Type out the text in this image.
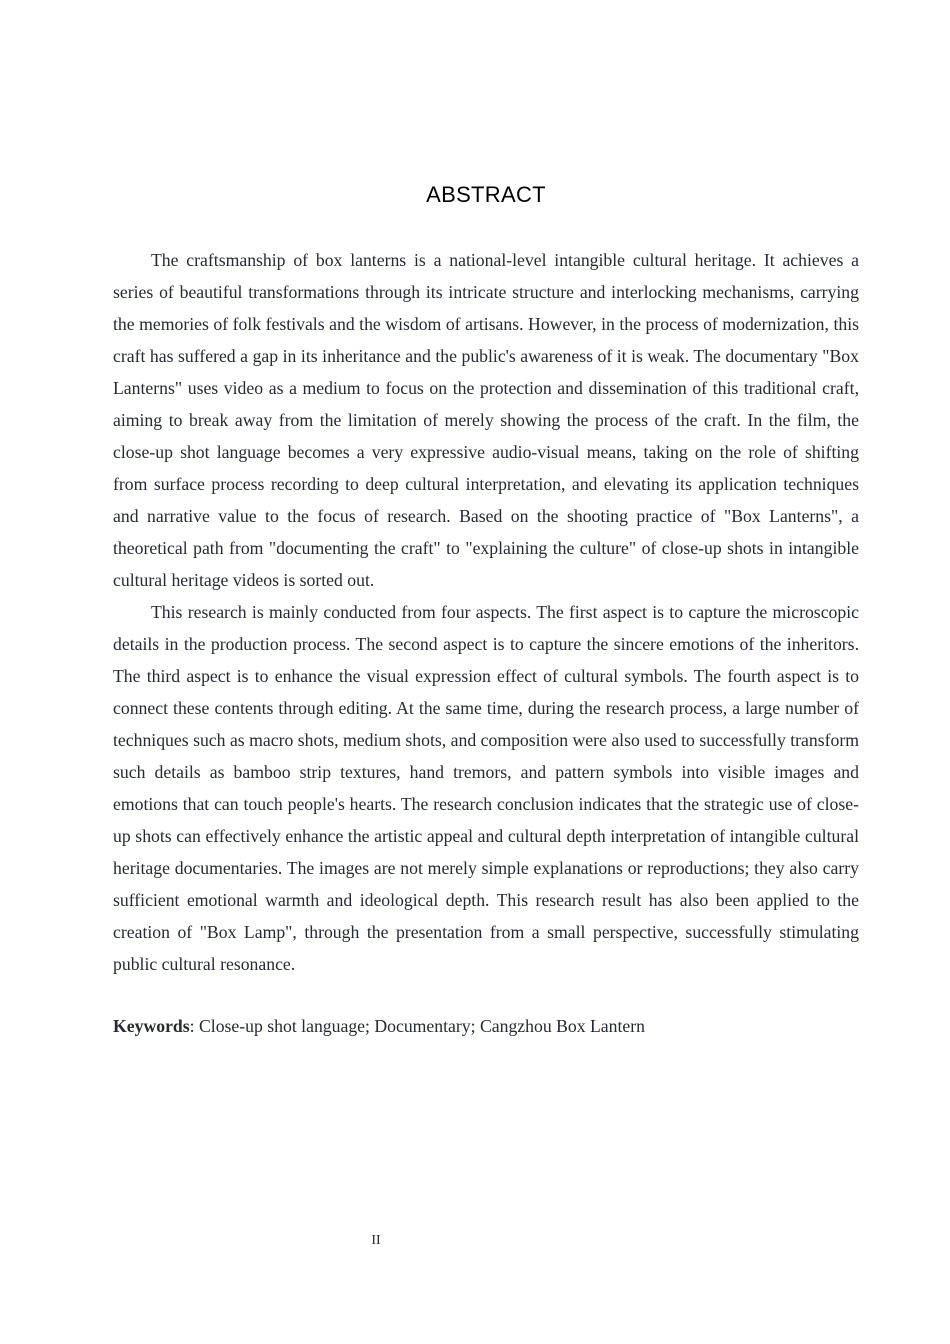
ABSTRACT

The craftsmanship of box lanterns is a national-level intangible cultural heritage. It achieves a series of beautiful transformations through its intricate structure and interlocking mechanisms, carrying the memories of folk festivals and the wisdom of artisans. However, in the process of modernization, this craft has suffered a gap in its inheritance and the public's awareness of it is weak. The documentary "Box Lanterns" uses video as a medium to focus on the protection and dissemination of this traditional craft, aiming to break away from the limitation of merely showing the process of the craft. In the film, the close-up shot language becomes a very expressive audio-visual means, taking on the role of shifting from surface process recording to deep cultural interpretation, and elevating its application techniques and narrative value to the focus of research. Based on the shooting practice of "Box Lanterns", a theoretical path from "documenting the craft" to "explaining the culture" of close-up shots in intangible cultural heritage videos is sorted out.

This research is mainly conducted from four aspects. The first aspect is to capture the microscopic details in the production process. The second aspect is to capture the sincere emotions of the inheritors. The third aspect is to enhance the visual expression effect of cultural symbols. The fourth aspect is to connect these contents through editing. At the same time, during the research process, a large number of techniques such as macro shots, medium shots, and composition were also used to successfully transform such details as bamboo strip textures, hand tremors, and pattern symbols into visible images and emotions that can touch people's hearts. The research conclusion indicates that the strategic use of close-up shots can effectively enhance the artistic appeal and cultural depth interpretation of intangible cultural heritage documentaries. The images are not merely simple explanations or reproductions; they also carry sufficient emotional warmth and ideological depth. This research result has also been applied to the creation of "Box Lamp", through the presentation from a small perspective, successfully stimulating public cultural resonance.

Keywords: Close-up shot language; Documentary; Cangzhou Box Lantern

II
